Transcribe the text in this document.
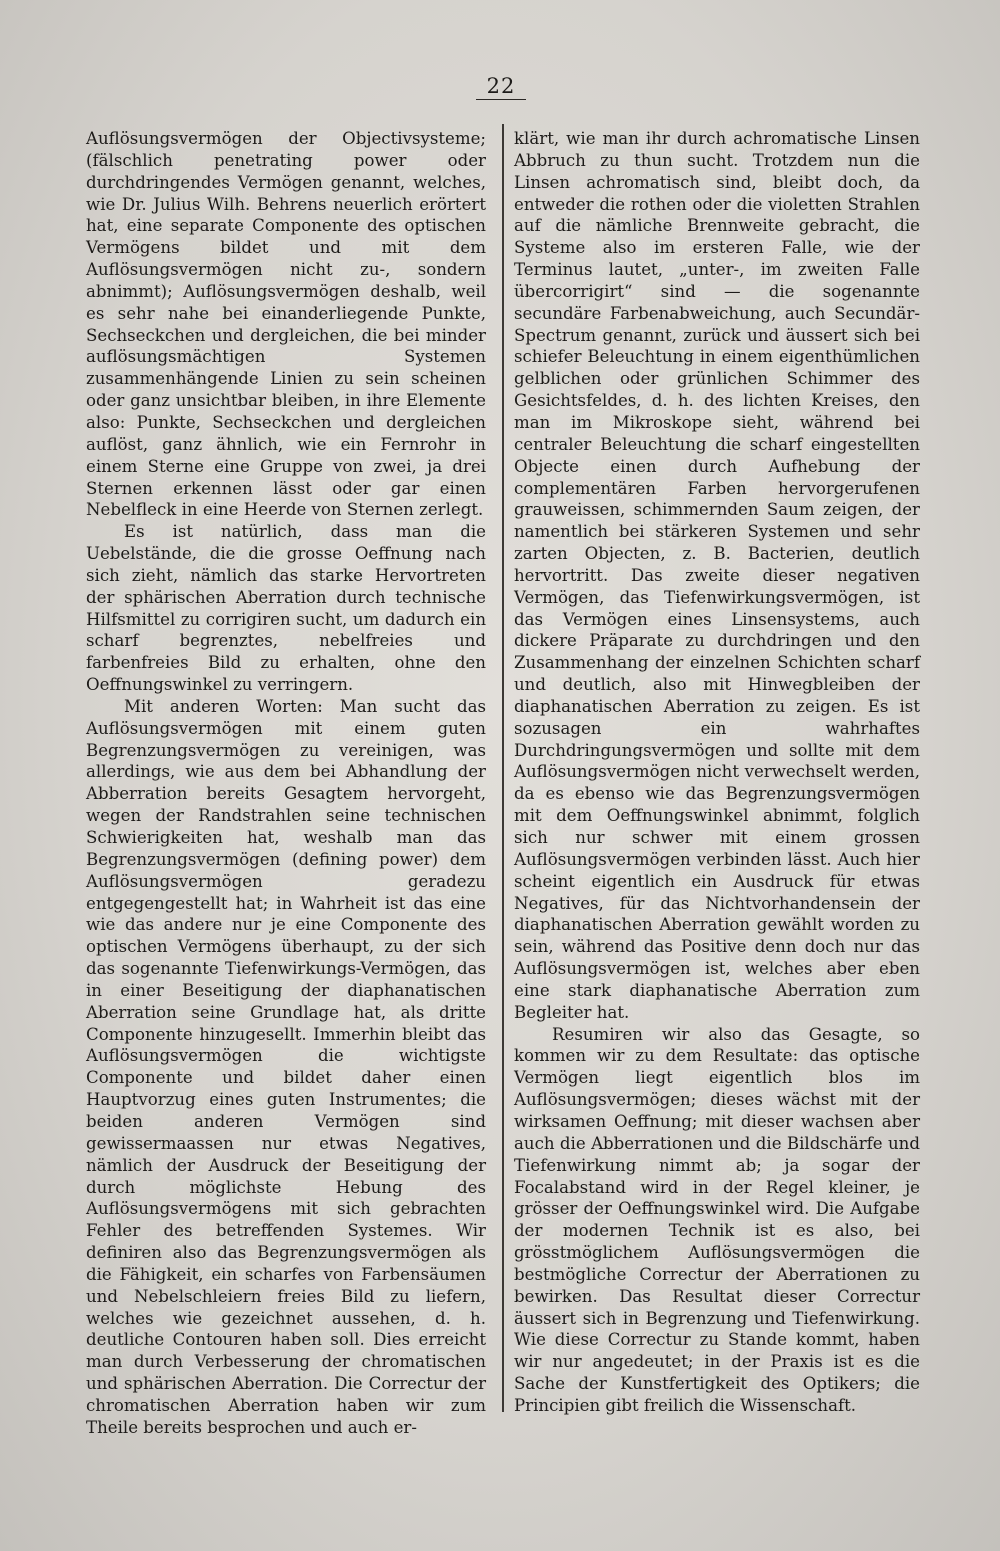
22

Auflösungsvermögen der Objectivsysteme; (fälschlich penetrating power oder durchdringendes Vermögen genannt, welches, wie Dr. Julius Wilh. Behrens neuerlich erörtert hat, eine separate Componente des optischen Vermögens bildet und mit dem Auflösungsvermögen nicht zu-, sondern abnimmt); Auflösungsvermögen deshalb, weil es sehr nahe bei einanderliegende Punkte, Sechseckchen und dergleichen, die bei minder auflösungsmächtigen Systemen zusammenhängende Linien zu sein scheinen oder ganz unsichtbar bleiben, in ihre Elemente also: Punkte, Sechseckchen und dergleichen auflöst, ganz ähnlich, wie ein Fernrohr in einem Sterne eine Gruppe von zwei, ja drei Sternen erkennen lässt oder gar einen Nebelfleck in eine Heerde von Sternen zerlegt.

Es ist natürlich, dass man die Uebelstände, die die grosse Oeffnung nach sich zieht, nämlich das starke Hervortreten der sphärischen Aberration durch technische Hilfsmittel zu corrigiren sucht, um dadurch ein scharf begrenztes, nebelfreies und farbenfreies Bild zu erhalten, ohne den Oeffnungswinkel zu verringern.

Mit anderen Worten: Man sucht das Auflösungsvermögen mit einem guten Begrenzungsvermögen zu vereinigen, was allerdings, wie aus dem bei Abhandlung der Abberration bereits Gesagtem hervorgeht, wegen der Randstrahlen seine technischen Schwierigkeiten hat, weshalb man das Begrenzungsvermögen (defining power) dem Auflösungsvermögen geradezu entgegengestellt hat; in Wahrheit ist das eine wie das andere nur je eine Componente des optischen Vermögens überhaupt, zu der sich das sogenannte Tiefenwirkungs-Vermögen, das in einer Beseitigung der diaphanatischen Aberration seine Grundlage hat, als dritte Componente hinzugesellt. Immerhin bleibt das Auflösungsvermögen die wichtigste Componente und bildet daher einen Hauptvorzug eines guten Instrumentes; die beiden anderen Vermögen sind gewissermaassen nur etwas Negatives, nämlich der Ausdruck der Beseitigung der durch möglichste Hebung des Auflösungsvermögens mit sich gebrachten Fehler des betreffenden Systemes. Wir definiren also das Begrenzungsvermögen als die Fähigkeit, ein scharfes von Farbensäumen und Nebelschleiern freies Bild zu liefern, welches wie gezeichnet aussehen, d. h. deutliche Contouren haben soll. Dies erreicht man durch Verbesserung der chromatischen und sphärischen Aberration. Die Correctur der chromatischen Aberration haben wir zum Theile bereits besprochen und auch er-

klärt, wie man ihr durch achromatische Linsen Abbruch zu thun sucht. Trotzdem nun die Linsen achromatisch sind, bleibt doch, da entweder die rothen oder die violetten Strahlen auf die nämliche Brennweite gebracht, die Systeme also im ersteren Falle, wie der Terminus lautet, „unter-, im zweiten Falle übercorrigirt“ sind — die sogenannte secundäre Farbenabweichung, auch Secundär-Spectrum genannt, zurück und äussert sich bei schiefer Beleuchtung in einem eigenthümlichen gelblichen oder grünlichen Schimmer des Gesichtsfeldes, d. h. des lichten Kreises, den man im Mikroskope sieht, während bei centraler Beleuchtung die scharf eingestellten Objecte einen durch Aufhebung der complementären Farben hervorgerufenen grauweissen, schimmernden Saum zeigen, der namentlich bei stärkeren Systemen und sehr zarten Objecten, z. B. Bacterien, deutlich hervortritt. Das zweite dieser negativen Vermögen, das Tiefenwirkungsvermögen, ist das Vermögen eines Linsensystems, auch dickere Präparate zu durchdringen und den Zusammenhang der einzelnen Schichten scharf und deutlich, also mit Hinwegbleiben der diaphanatischen Aberration zu zeigen. Es ist sozusagen ein wahrhaftes Durchdringungsvermögen und sollte mit dem Auflösungsvermögen nicht verwechselt werden, da es ebenso wie das Begrenzungsvermögen mit dem Oeffnungswinkel abnimmt, folglich sich nur schwer mit einem grossen Auflösungsvermögen verbinden lässt. Auch hier scheint eigentlich ein Ausdruck für etwas Negatives, für das Nichtvorhandensein der diaphanatischen Aberration gewählt worden zu sein, während das Positive denn doch nur das Auflösungsvermögen ist, welches aber eben eine stark diaphanatische Aberration zum Begleiter hat.

Resumiren wir also das Gesagte, so kommen wir zu dem Resultate: das optische Vermögen liegt eigentlich blos im Auflösungsvermögen; dieses wächst mit der wirksamen Oeffnung; mit dieser wachsen aber auch die Abberrationen und die Bildschärfe und Tiefenwirkung nimmt ab; ja sogar der Focalabstand wird in der Regel kleiner, je grösser der Oeffnungswinkel wird. Die Aufgabe der modernen Technik ist es also, bei grösstmöglichem Auflösungsvermögen die bestmögliche Correctur der Aberrationen zu bewirken. Das Resultat dieser Correctur äussert sich in Begrenzung und Tiefenwirkung. Wie diese Correctur zu Stande kommt, haben wir nur angedeutet; in der Praxis ist es die Sache der Kunstfertigkeit des Optikers; die Principien gibt freilich die Wissenschaft.
